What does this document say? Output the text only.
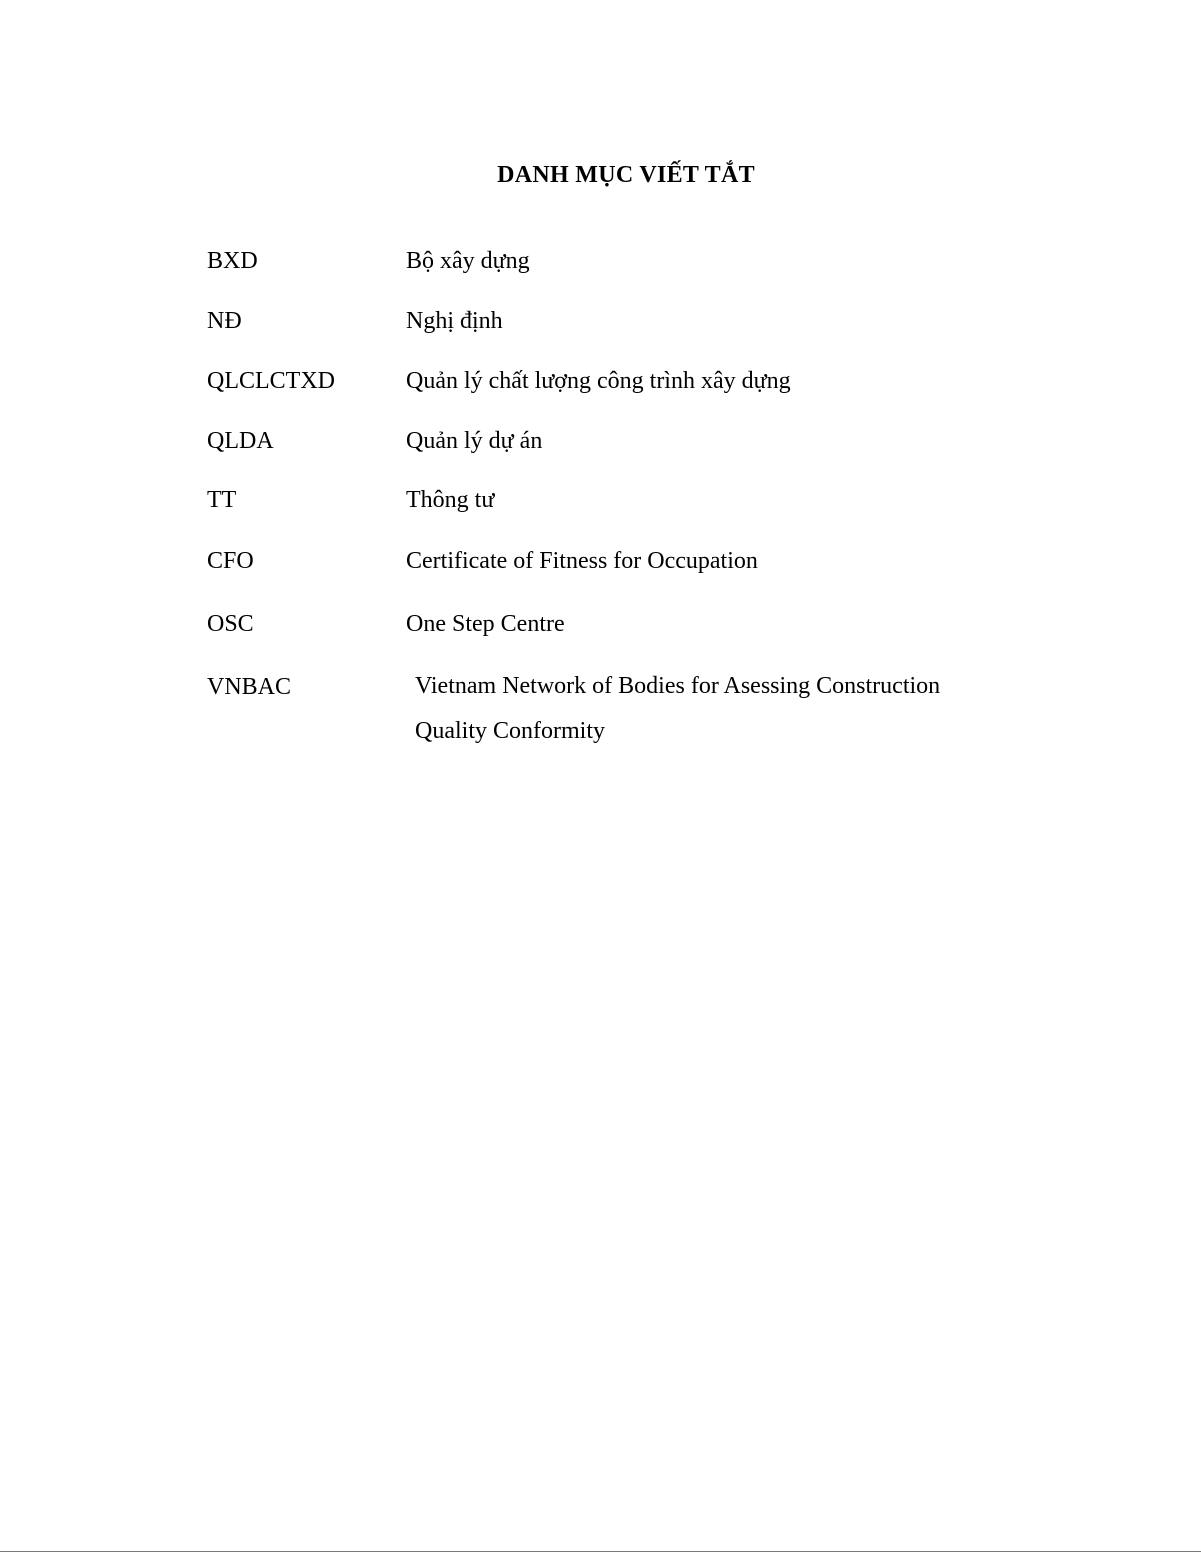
DANH MỤC VIẾT TẮT
BXD	Bộ xây dựng
NĐ	Nghị định
QLCLCTXD	Quản lý chất lượng công trình xây dựng
QLDA	Quản lý dự án
TT	Thông tư
CFO	Certificate of Fitness for Occupation
OSC	One Step Centre
VNBAC	Vietnam Network of Bodies for Asessing Construction Quality Conformity
